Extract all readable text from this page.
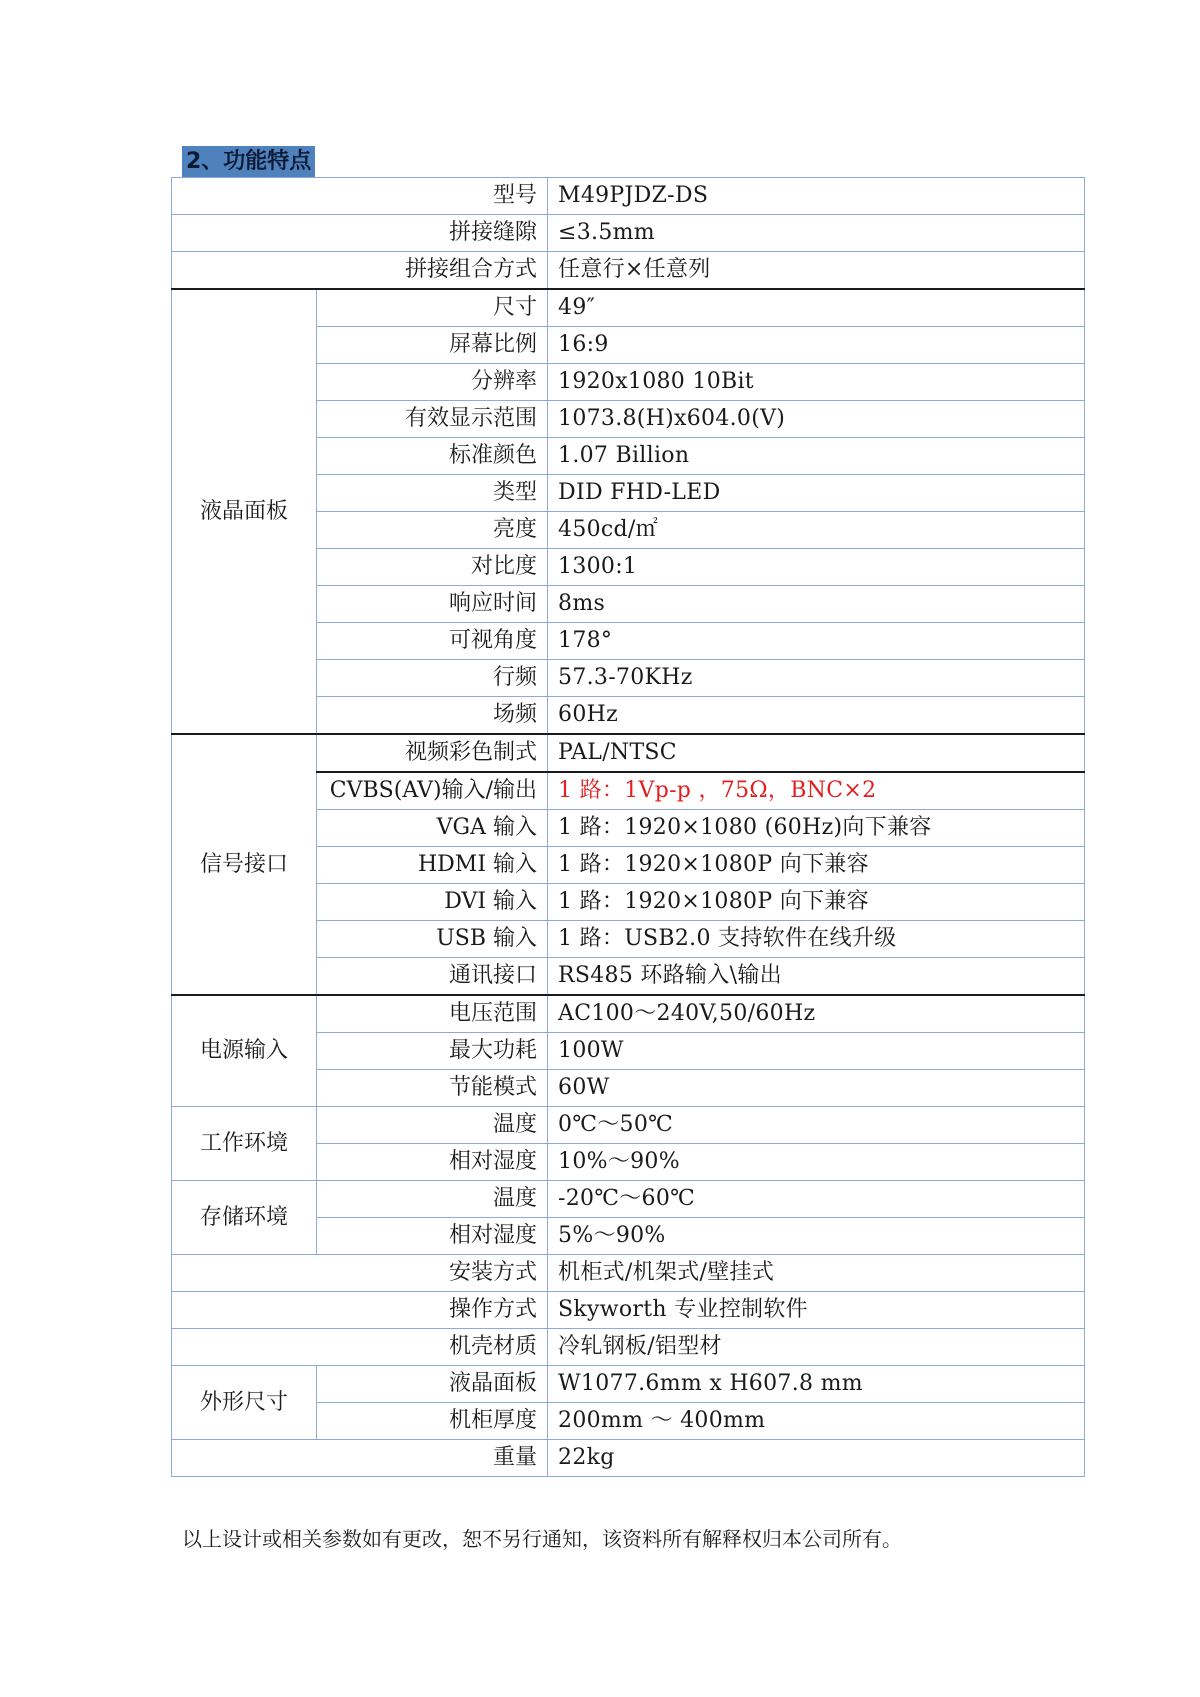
2、功能特点
型号		M49PJDZ-DS
拼接缝隙		≤3.5mm
拼接组合方式		任意行×任意列
液晶面板	尺寸	49″
	屏幕比例	16:9
	分辨率	1920x1080 10Bit
	有效显示范围	1073.8(H)x604.0(V)
	标准颜色	1.07 Billion
	类型	DID FHD-LED
	亮度	450cd/㎡
	对比度	1300:1
	响应时间	8ms
	可视角度	178°
	行频	57.3-70KHz
	场频	60Hz
信号接口	视频彩色制式	PAL/NTSC
	CVBS(AV)输入/输出	1 路：1Vp-p ，75Ω，BNC×2
	VGA 输入	1 路：1920×1080 (60Hz)向下兼容
	HDMI 输入	1 路：1920×1080P 向下兼容
	DVI 输入	1 路：1920×1080P 向下兼容
	USB 输入	1 路：USB2.0 支持软件在线升级
	通讯接口	RS485 环路输入\输出
电源输入	电压范围	AC100～240V,50/60Hz
	最大功耗	100W
	节能模式	60W
工作环境	温度	0℃～50℃
	相对湿度	10%～90%
存储环境	温度	-20℃～60℃
	相对湿度	5%～90%
安装方式		机柜式/机架式/壁挂式
操作方式		Skyworth 专业控制软件
机壳材质		冷轧钢板/铝型材
外形尺寸	液晶面板	W1077.6mm x H607.8 mm
	机柜厚度	200mm ～ 400mm
重量		22kg
以上设计或相关参数如有更改，恕不另行通知，该资料所有解释权归本公司所有。
